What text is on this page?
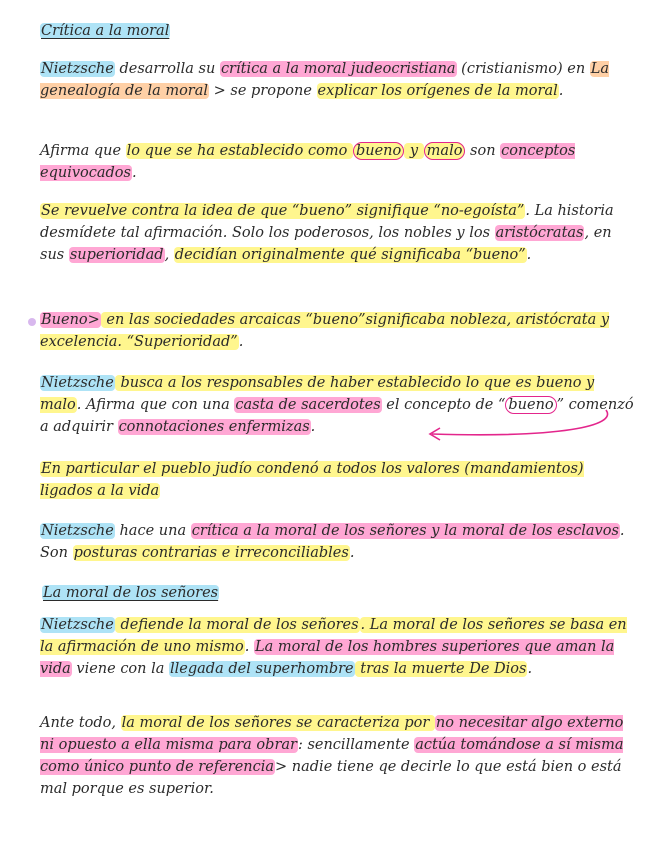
Crítica a la moral

Nietzsche desarrolla su crítica a la moral judeocristiana (cristianismo) en La genealogía de la moral > se propone explicar los orígenes de la moral.

Afirma que lo que se ha establecido como bueno y malo son conceptos equivocados.

Se revuelve contra la idea de que “bueno” signifique “no-egoísta”. La historia desmídete tal afirmación. Solo los poderosos, los nobles y los aristócratas, en sus superioridad, decidían originalmente qué significaba “bueno”.

Bueno> en las sociedades arcaicas “bueno”significaba nobleza, aristócrata y excelencia. “Superioridad”.

Nietzsche busca a los responsables de haber establecido lo que es bueno y malo. Afirma que con una casta de sacerdotes el concepto de “ bueno ” comenzó a adquirir connotaciones enfermizas.

En particular el pueblo judío condenó a todos los valores (mandamientos) ligados a la vida

Nietzsche hace una crítica a la moral de los señores y la moral de los esclavos. Son posturas contrarias e irreconciliables.

La moral de los señores

Nietzsche defiende la moral de los señores . La moral de los señores se basa en la afirmación de uno mismo. La moral de los hombres superiores que aman la vida viene con la llegada del superhombre tras la muerte De Dios.

Ante todo, la moral de los señores se caracteriza por no necesitar algo externo ni opuesto a ella misma para obrar: sencillamente actúa tomándose a sí misma como único punto de referencia> nadie tiene qe decirle lo que está bien o está mal porque es superior.
